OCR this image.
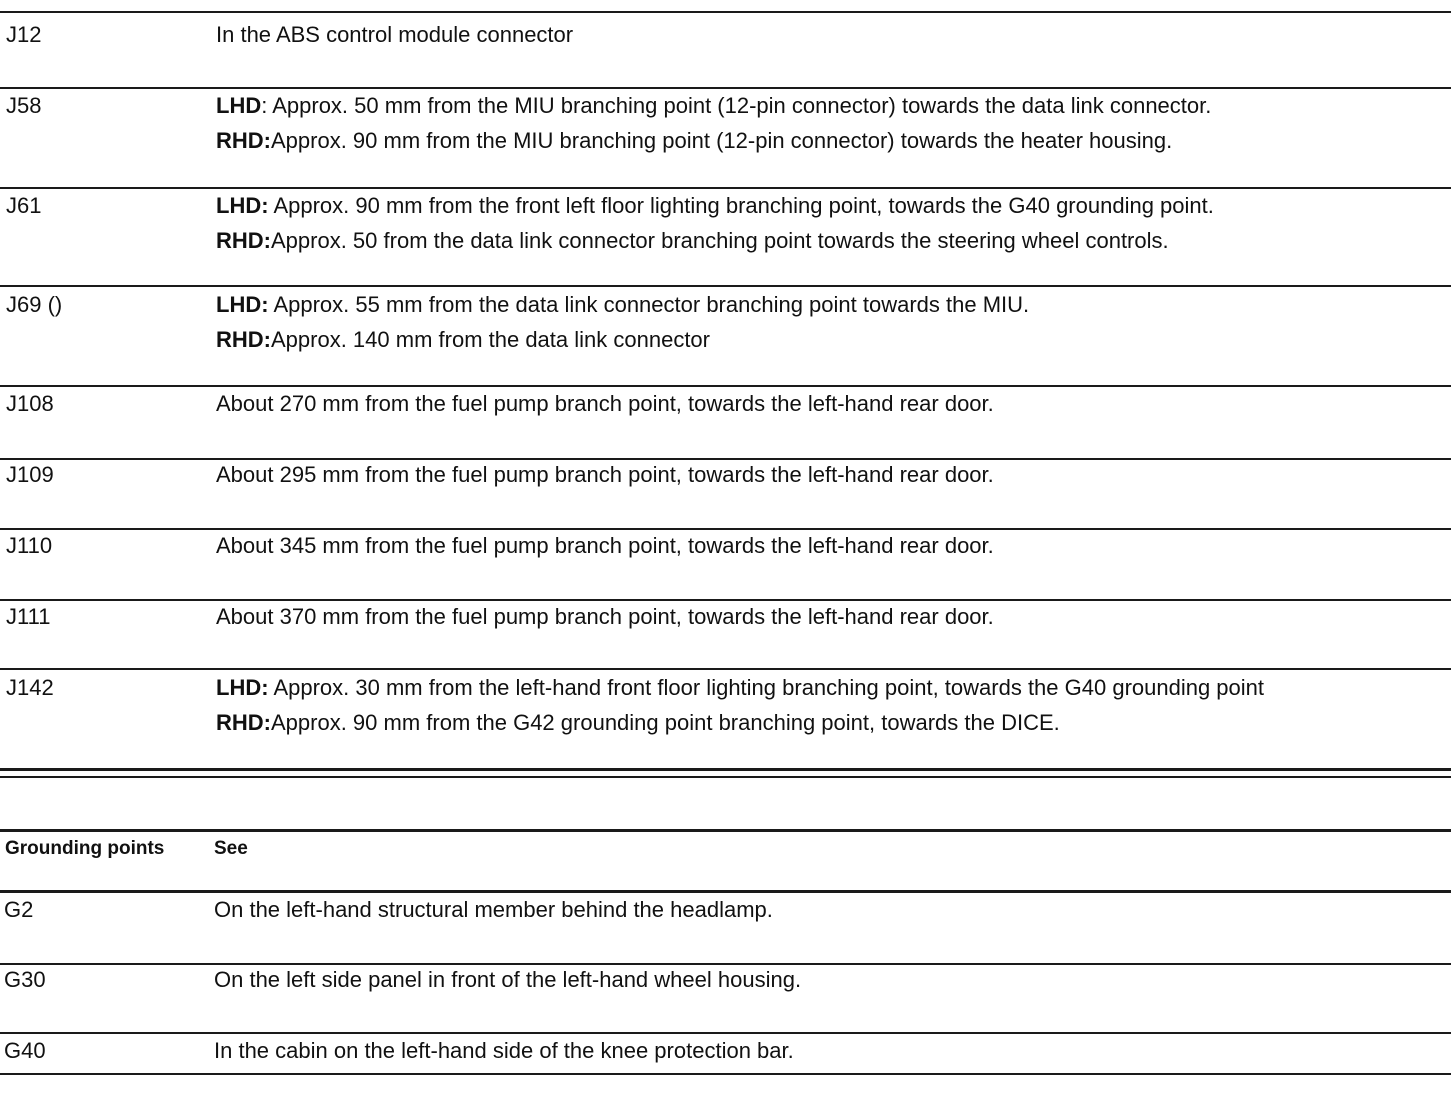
J12	In the ABS control module connector
J58	LHD: Approx. 50 mm from the MIU branching point (12-pin connector) towards the data link connector.
RHD:Approx. 90 mm from the MIU branching point (12-pin connector) towards the heater housing.
J61	LHD: Approx. 90 mm from the front left floor lighting branching point, towards the G40 grounding point.
RHD:Approx. 50 from the data link connector branching point towards the steering wheel controls.
J69 ()	LHD: Approx. 55 mm from the data link connector branching point towards the MIU.
RHD:Approx. 140 mm from the data link connector
J108	About 270 mm from the fuel pump branch point, towards the left-hand rear door.
J109	About 295 mm from the fuel pump branch point, towards the left-hand rear door.
J110	About 345 mm from the fuel pump branch point, towards the left-hand rear door.
J111	About 370 mm from the fuel pump branch point, towards the left-hand rear door.
J142	LHD: Approx. 30 mm from the left-hand front floor lighting branching point, towards the G40 grounding point
RHD:Approx. 90 mm from the G42 grounding point branching point, towards the DICE.
Grounding points	See
G2	On the left-hand structural member behind the headlamp.
G30	On the left side panel in front of the left-hand wheel housing.
G40	In the cabin on the left-hand side of the knee protection bar.
